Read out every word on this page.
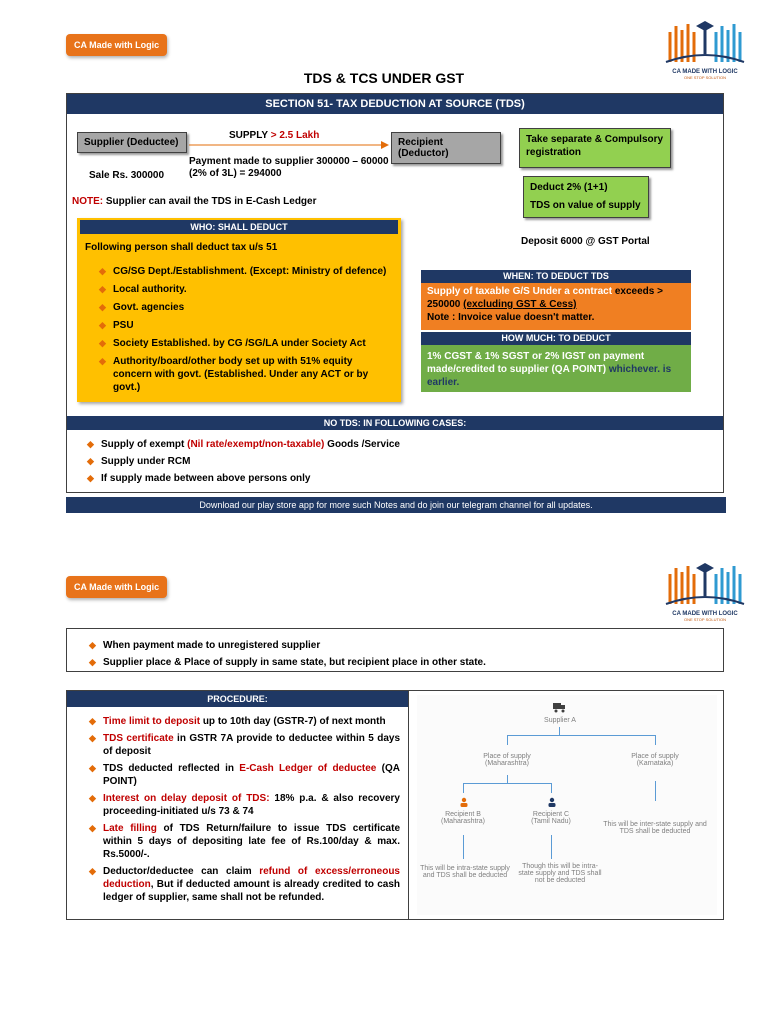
CA Made with Logic
CA MADE WITH LOGIC
ONE STOP SOLUTION
TDS & TCS UNDER GST
SECTION 51- TAX DEDUCTION AT SOURCE (TDS)
Supplier (Deductee)
SUPPLY > 2.5 Lakh
Recipient (Deductor)
Payment made to supplier 300000 – 60000 (2% of 3L) = 294000
Sale Rs. 300000
NOTE: Supplier can avail the TDS in E-Cash Ledger
Take separate & Compulsory registration
Deduct 2% (1+1)
TDS on value of supply
Deposit 6000 @ GST Portal
WHO: SHALL DEDUCT
Following person shall deduct tax u/s 51
◆ CG/SG Dept./Establishment. (Except: Ministry of defence)
◆ Local authority.
◆ Govt. agencies
◆ PSU
◆ Society Established. by CG /SG/LA under Society Act
◆ Authority/board/other body set up with 51% equity concern with govt. (Established. Under any ACT or by govt.)
WHEN: TO DEDUCT TDS
Supply of taxable G/S Under a contract exceeds > 250000 (excluding GST & Cess)
Note : Invoice value doesn't matter.
HOW MUCH: TO DEDUCT
1% CGST & 1% SGST or 2% IGST on payment made/credited to supplier (QA POINT) whichever. is earlier.
NO TDS: IN FOLLOWING CASES:
◆ Supply of exempt (Nil rate/exempt/non-taxable) Goods /Service
◆ Supply under RCM
◆ If supply made between above persons only
Download our play store app for more such Notes and do join our telegram channel for all updates.
CA Made with Logic
CA MADE WITH LOGIC
ONE STOP SOLUTION
◆ When payment made to unregistered supplier
◆ Supplier place & Place of supply in same state, but recipient place in other state.
PROCEDURE:
◆ Time limit to deposit up to 10th day (GSTR-7) of next month
◆ TDS certificate in GSTR 7A provide to deductee within 5 days of deposit
◆ TDS deducted reflected in E-Cash Ledger of deductee (QA POINT)
◆ Interest on delay deposit of TDS: 18% p.a. & also recovery proceeding-initiated u/s 73 & 74
◆ Late filling of TDS Return/failure to issue TDS certificate within 5 days of depositing late fee of Rs.100/day & max. Rs.5000/-.
◆ Deductor/deductee can claim refund of excess/erroneous deduction, But if deducted amount is already credited to cash ledger of supplier, same shall not be refunded.
Supplier A
Place of supply
(Maharashtra)
Place of supply
(Karnataka)
Recipient B
(Maharashtra)
Recipient C
(Tamil Nadu)	This will be inter-state supply and TDS shall be deducted
This will be intra-state supply and TDS shall be deducted
Though this will be intra-state supply and TDS shall not be deducted
